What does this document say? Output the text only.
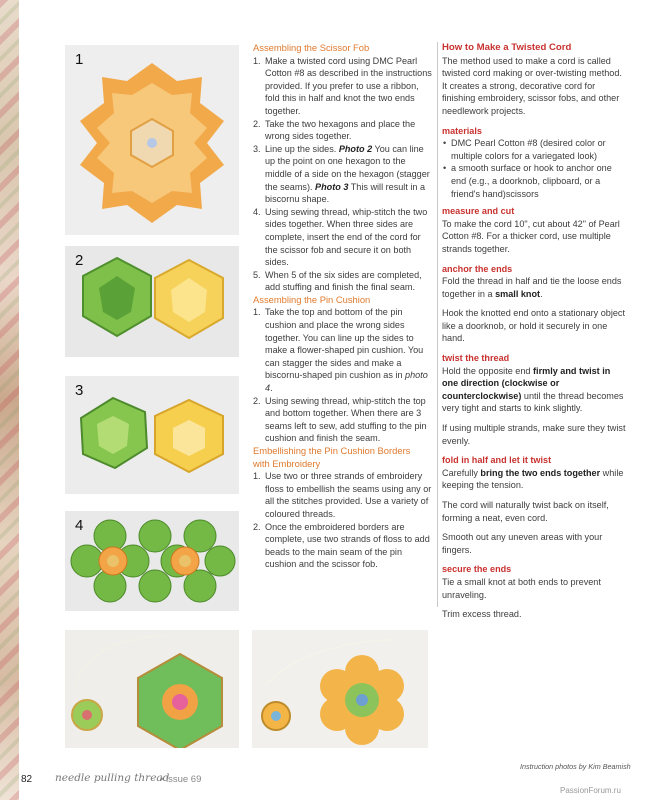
1
2
3
4
Assembling the Scissor Fob
1. Make a twisted cord using DMC Pearl Cotton #8 as described in the instructions provided. If you prefer to use a ribbon, fold this in half and knot the two ends together.
2. Take the two hexagons and place the wrong sides together.
3. Line up the sides. Photo 2 You can line up the point on one hexagon to the middle of a side on the hexagon (stagger the seams). Photo 3 This will result in a biscornu shape.
4. Using sewing thread, whip-stitch the two sides together. When three sides are complete, insert the end of the cord for the scissor fob and secure it on both sides.
5. When 5 of the six sides are completed, add stuffing and finish the final seam.
Assembling the Pin Cushion
1. Take the top and bottom of the pin cushion and place the wrong sides together. You can line up the sides to make a flower-shaped pin cushion. You can stagger the sides and make a biscornu-shaped pin cushion as in photo 4.
2. Using sewing thread, whip-stitch the top and bottom together. When there are 3 seams left to sew, add stuffing to the pin cushion and finish the seam.
Embellishing the Pin Cushion Borders
with Embroidery
1. Use two or three strands of embroidery floss to embellish the seams using any or all the stitches provided. Use a variety of coloured threads.
2. Once the embroidered borders are complete, use two strands of floss to add beads to the main seam of the pin cushion and the scissor fob.
How to Make a Twisted Cord

The method used to make a cord is called twisted cord making or over-twisting method. It creates a strong, decorative cord for finishing embroidery, scissor fobs, and other needlework projects.

materials
• DMC Pearl Cotton #8 (desired color or multiple colors for a variegated look)
• a smooth surface or hook to anchor one end (e.g., a doorknob, clipboard, or a friend's hand)scissors
measure and cut

To make the cord 10", cut about 42" of Pearl Cotton #8. For a thicker cord, use multiple strands together.

anchor the ends

Fold the thread in half and tie the loose ends together in a small knot.

Hook the knotted end onto a stationary object like a doorknob, or hold it securely in one hand.

twist the thread

Hold the opposite end firmly and twist in one direction (clockwise or counterclockwise) until the thread becomes very tight and starts to kink slightly.

If using multiple strands, make sure they twist evenly.

fold in half and let it twist

Carefully bring the two ends together while keeping the tension.

The cord will naturally twist back on itself, forming a neat, even cord.

Smooth out any uneven areas with your fingers.

secure the ends

Tie a small knot at both ends to prevent unraveling.

Trim excess thread.

Instruction photos by Kim Beamish
82 needle pulling thread
• issue 69
PassionForum.ru
